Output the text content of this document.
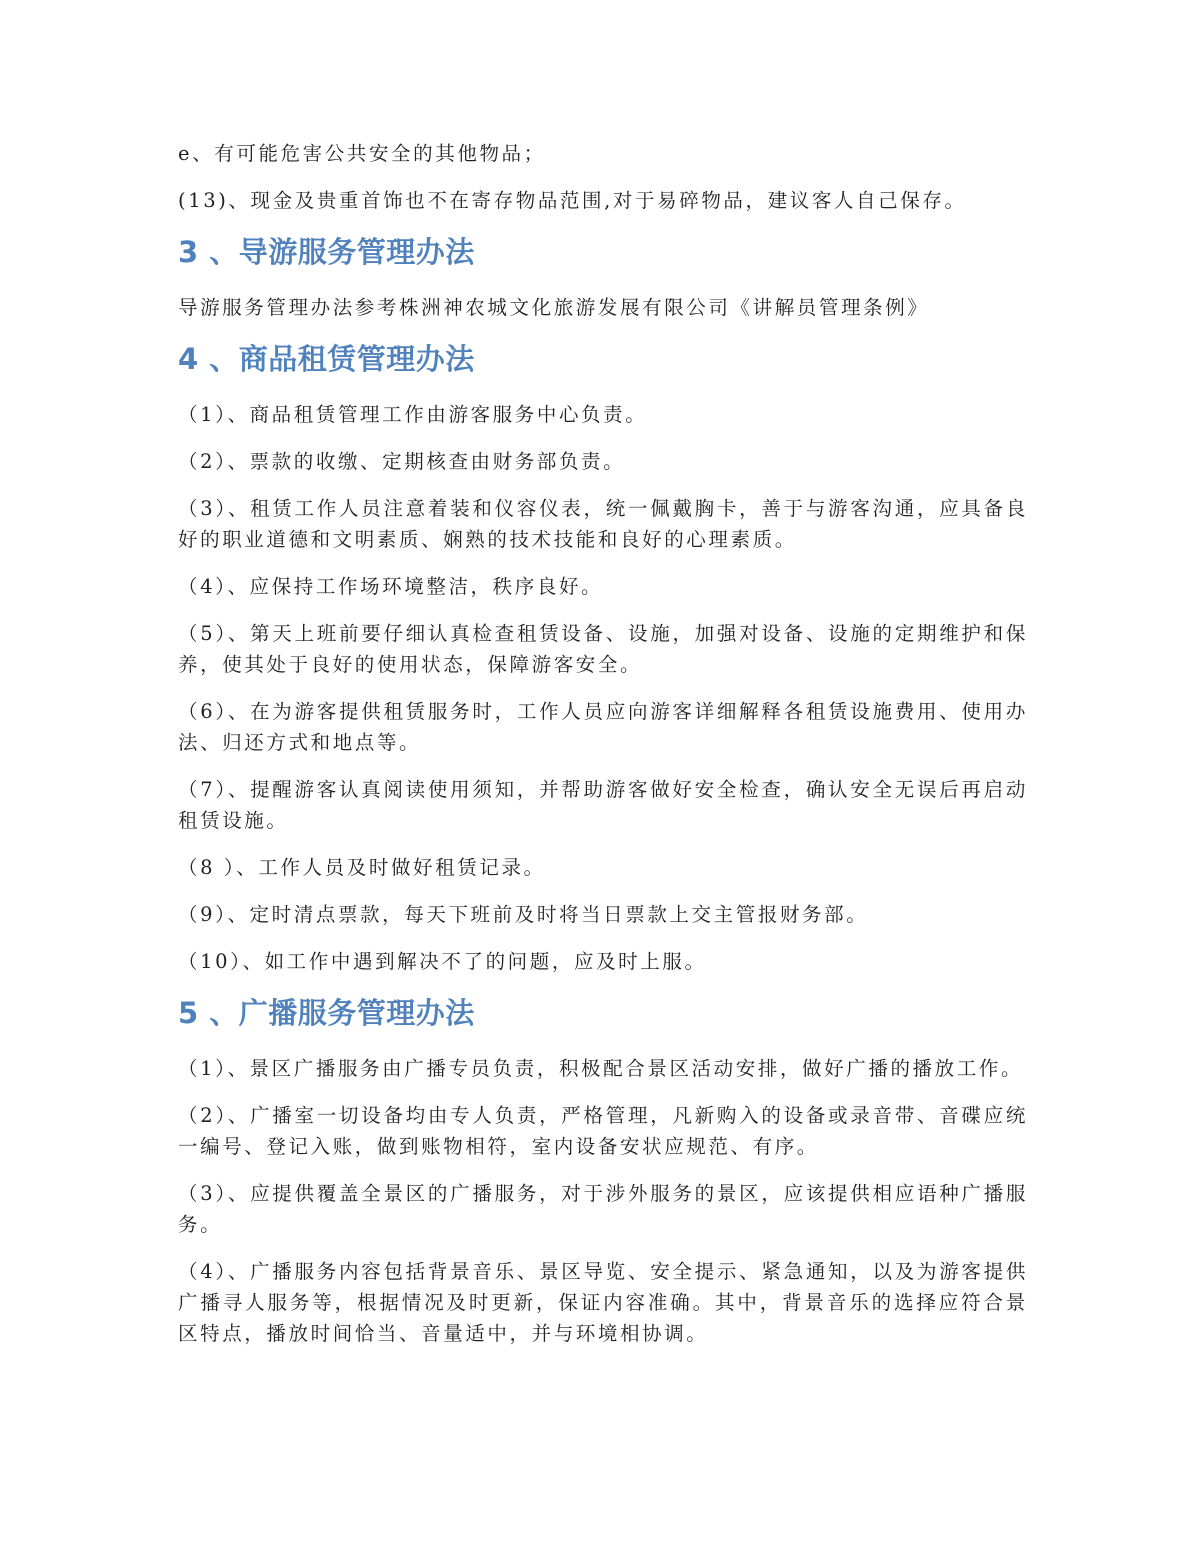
e、有可能危害公共安全的其他物品；

(13)、现金及贵重首饰也不在寄存物品范围,对于易碎物品，建议客人自己保存。

3 、导游服务管理办法

导游服务管理办法参考株洲神农城文化旅游发展有限公司《讲解员管理条例》

4 、商品租赁管理办法

（1）、商品租赁管理工作由游客服务中心负责。

（2）、票款的收缴、定期核查由财务部负责。

（3）、租赁工作人员注意着装和仪容仪表，统一佩戴胸卡，善于与游客沟通，应具备良好的职业道德和文明素质、娴熟的技术技能和良好的心理素质。

（4）、应保持工作场环境整洁，秩序良好。

（5）、第天上班前要仔细认真检查租赁设备、设施，加强对设备、设施的定期维护和保养，使其处于良好的使用状态，保障游客安全。

（6）、在为游客提供租赁服务时，工作人员应向游客详细解释各租赁设施费用、使用办法、归还方式和地点等。

（7）、提醒游客认真阅读使用须知，并帮助游客做好安全检查，确认安全无误后再启动租赁设施。

（8 ）、工作人员及时做好租赁记录。

（9）、定时清点票款，每天下班前及时将当日票款上交主管报财务部。

（10）、如工作中遇到解决不了的问题，应及时上服。

5 、广播服务管理办法

（1）、景区广播服务由广播专员负责，积极配合景区活动安排，做好广播的播放工作。

（2）、广播室一切设备均由专人负责，严格管理，凡新购入的设备或录音带、音碟应统一编号、登记入账，做到账物相符，室内设备安状应规范、有序。

（3）、应提供覆盖全景区的广播服务，对于涉外服务的景区，应该提供相应语种广播服务。

（4）、广播服务内容包括背景音乐、景区导览、安全提示、紧急通知，以及为游客提供广播寻人服务等，根据情况及时更新，保证内容准确。其中，背景音乐的选择应符合景区特点，播放时间恰当、音量适中，并与环境相协调。
